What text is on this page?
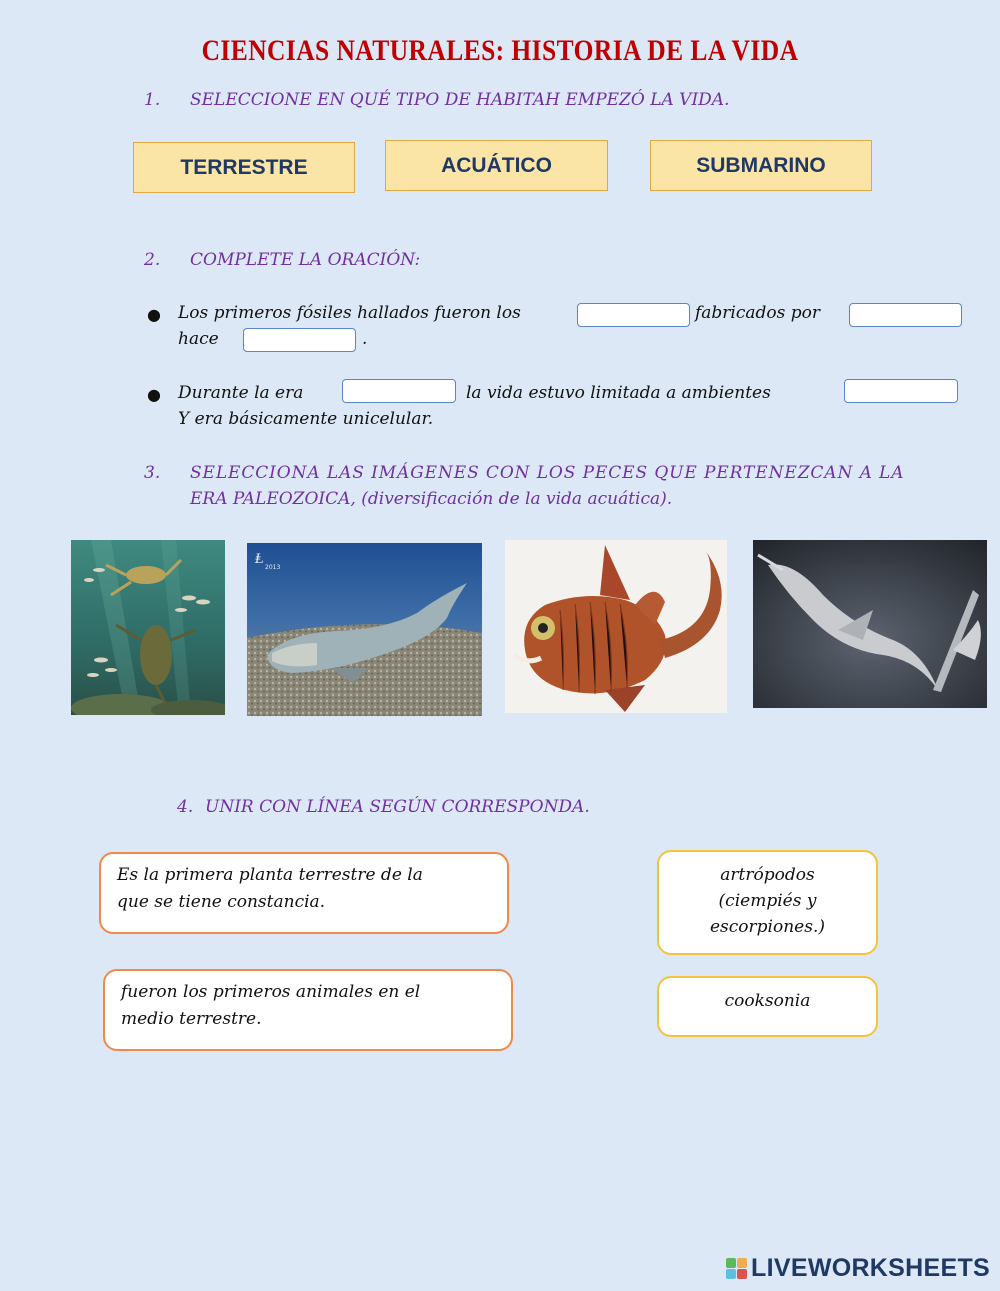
CIENCIAS NATURALES: HISTORIA DE LA VIDA
1. SELECCIONE EN QUÉ TIPO DE HABITAH EMPEZÓ LA VIDA.
TERRESTRE	ACUÁTICO	SUBMARINO
2. COMPLETE LA ORACIÓN:
● Los primeros fósiles hallados fueron los	fabricados por
hace	.
● Durante la era	la vida estuvo limitada a ambientes
Y era básicamente unicelular.
3. SELECCIONA LAS IMÁGENES CON LOS PECES QUE PERTENEZCAN A LA
ERA PALEOZOICA, (diversificación de la vida acuática).
Ⱡ
2013
4. UNIR CON LÍNEA SEGÚN CORRESPONDA.
Es la primera planta terrestre de la
que se tiene constancia.
fueron los primeros animales en el
medio terrestre.
artrópodos
(ciempiés y
escorpiones.)
cooksonia
LIVEWORKSHEETS
